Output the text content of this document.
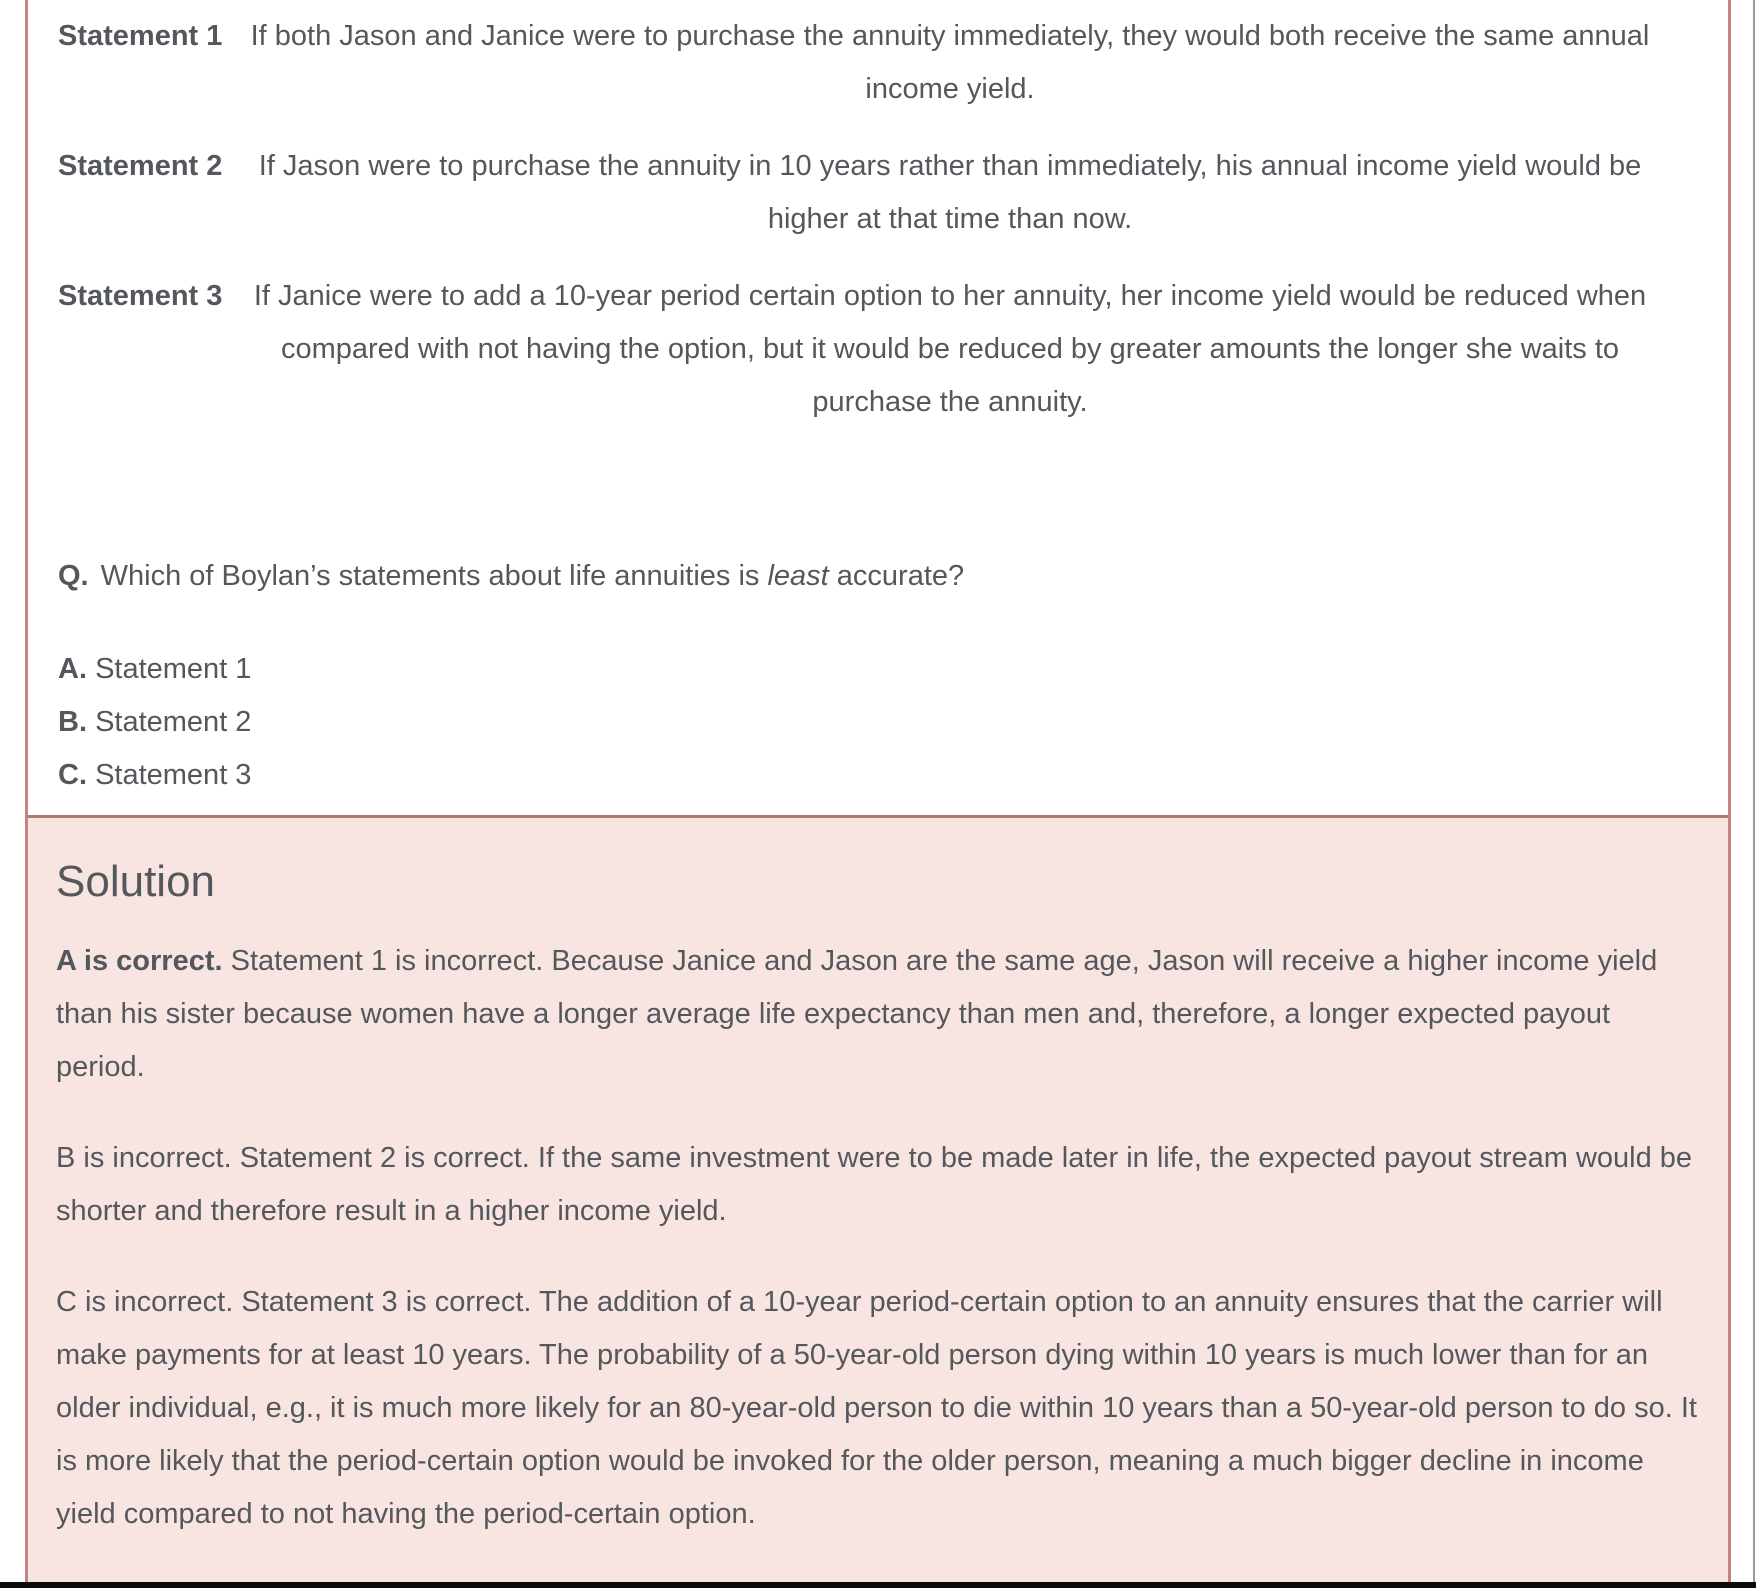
Statement 1 If both Jason and Janice were to purchase the annuity immediately, they would both receive the same annual income yield.
Statement 2	If Jason were to purchase the annuity in 10 years rather than immediately, his annual income yield would be higher at that time than now.
Statement 3	If Janice were to add a 10-year period certain option to her annuity, her income yield would be reduced when compared with not having the option, but it would be reduced by greater amounts the longer she waits to purchase the annuity.

Q. Which of Boylan’s statements about life annuities is least accurate?

A. Statement 1
B. Statement 2
C. Statement 3
Solution

A is correct. Statement 1 is incorrect. Because Janice and Jason are the same age, Jason will receive a higher income yield than his sister because women have a longer average life expectancy than men and, therefore, a longer expected payout period.

B is incorrect. Statement 2 is correct. If the same investment were to be made later in life, the expected payout stream would be shorter and therefore result in a higher income yield.

C is incorrect. Statement 3 is correct. The addition of a 10-year period-certain option to an annuity ensures that the carrier will make payments for at least 10 years. The probability of a 50-year-old person dying within 10 years is much lower than for an older individual, e.g., it is much more likely for an 80-year-old person to die within 10 years than a 50-year-old person to do so. It is more likely that the period-certain option would be invoked for the older person, meaning a much bigger decline in income yield compared to not having the period-certain option.
